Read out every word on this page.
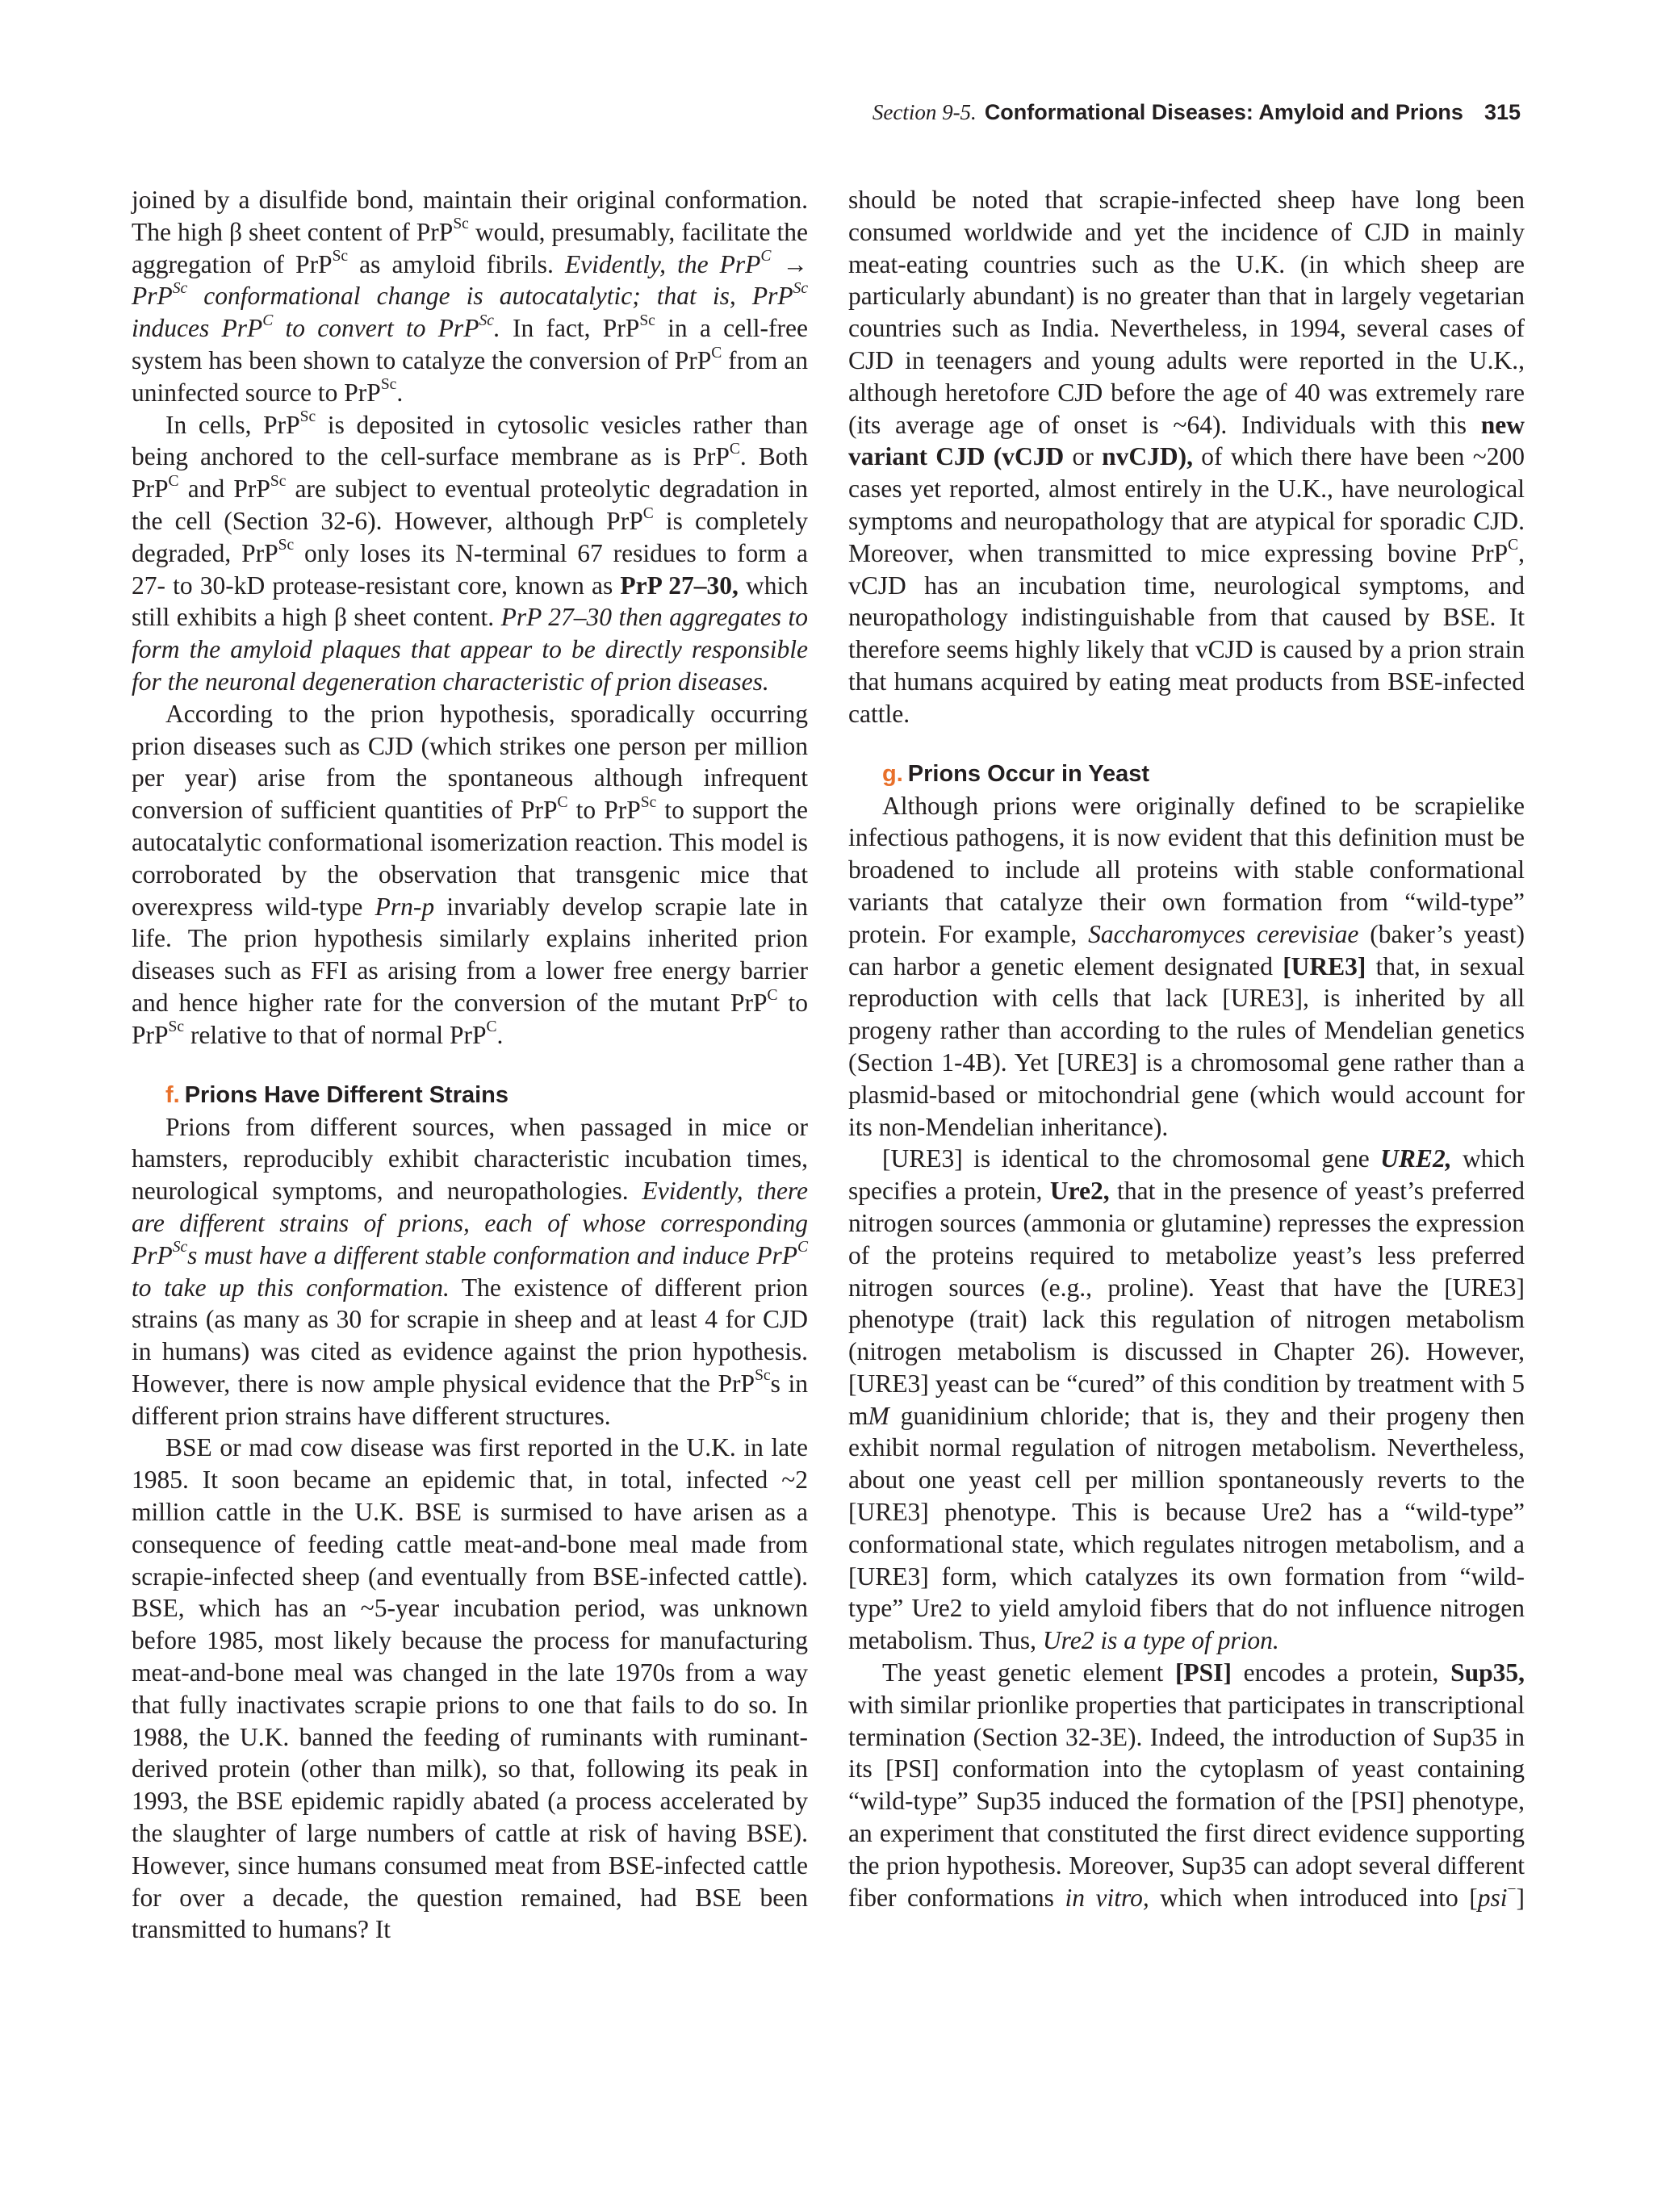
Section 9-5. Conformational Diseases: Amyloid and Prions 315

joined by a disulfide bond, maintain their original conformation. The high β sheet content of PrP$^{Sc}$ would, presumably, facilitate the aggregation of PrP$^{Sc}$ as amyloid fibrils. Evidently, the PrP$^C$ → PrP$^{Sc}$ conformational change is autocatalytic; that is, PrP$^{Sc}$ induces PrP$^C$ to convert to PrP$^{Sc}$. In fact, PrP$^{Sc}$ in a cell-free system has been shown to catalyze the conversion of PrP$^C$ from an uninfected source to PrP$^{Sc}$.

In cells, PrP$^{Sc}$ is deposited in cytosolic vesicles rather than being anchored to the cell-surface membrane as is PrP$^C$. Both PrP$^C$ and PrP$^{Sc}$ are subject to eventual proteolytic degradation in the cell (Section 32-6). However, although PrP$^C$ is completely degraded, PrP$^{Sc}$ only loses its N-terminal 67 residues to form a 27- to 30-kD protease-resistant core, known as PrP 27–30, which still exhibits a high β sheet content. PrP 27–30 then aggregates to form the amyloid plaques that appear to be directly responsible for the neuronal degeneration characteristic of prion diseases.

According to the prion hypothesis, sporadically occurring prion diseases such as CJD (which strikes one person per million per year) arise from the spontaneous although infrequent conversion of sufficient quantities of PrP$^C$ to PrP$^{Sc}$ to support the autocatalytic conformational isomerization reaction. This model is corroborated by the observation that transgenic mice that overexpress wild-type Prn-p invariably develop scrapie late in life. The prion hypothesis similarly explains inherited prion diseases such as FFI as arising from a lower free energy barrier and hence higher rate for the conversion of the mutant PrP$^C$ to PrP$^{Sc}$ relative to that of normal PrP$^C$.

f. Prions Have Different Strains

Prions from different sources, when passaged in mice or hamsters, reproducibly exhibit characteristic incubation times, neurological symptoms, and neuropathologies. Evidently, there are different strains of prions, each of whose corresponding PrP$^{Sc}$s must have a different stable conformation and induce PrP$^C$ to take up this conformation. The existence of different prion strains (as many as 30 for scrapie in sheep and at least 4 for CJD in humans) was cited as evidence against the prion hypothesis. However, there is now ample physical evidence that the PrP$^{Sc}$s in different prion strains have different structures.

BSE or mad cow disease was first reported in the U.K. in late 1985. It soon became an epidemic that, in total, infected ~2 million cattle in the U.K. BSE is surmised to have arisen as a consequence of feeding cattle meat-and-bone meal made from scrapie-infected sheep (and eventually from BSE-infected cattle). BSE, which has an ~5-year incubation period, was unknown before 1985, most likely because the process for manufacturing meat-and-bone meal was changed in the late 1970s from a way that fully inactivates scrapie prions to one that fails to do so. In 1988, the U.K. banned the feeding of ruminants with ruminant-derived protein (other than milk), so that, following its peak in 1993, the BSE epidemic rapidly abated (a process accelerated by the slaughter of large numbers of cattle at risk of having BSE). However, since humans consumed meat from BSE-infected cattle for over a decade, the question remained, had BSE been transmitted to humans? It

should be noted that scrapie-infected sheep have long been consumed worldwide and yet the incidence of CJD in mainly meat-eating countries such as the U.K. (in which sheep are particularly abundant) is no greater than that in largely vegetarian countries such as India. Nevertheless, in 1994, several cases of CJD in teenagers and young adults were reported in the U.K., although heretofore CJD before the age of 40 was extremely rare (its average age of onset is ~64). Individuals with this new variant CJD (vCJD or nvCJD), of which there have been ~200 cases yet reported, almost entirely in the U.K., have neurological symptoms and neuropathology that are atypical for sporadic CJD. Moreover, when transmitted to mice expressing bovine PrP$^C$, vCJD has an incubation time, neurological symptoms, and neuropathology indistinguishable from that caused by BSE. It therefore seems highly likely that vCJD is caused by a prion strain that humans acquired by eating meat products from BSE-infected cattle.

g. Prions Occur in Yeast

Although prions were originally defined to be scrapielike infectious pathogens, it is now evident that this definition must be broadened to include all proteins with stable conformational variants that catalyze their own formation from “wild-type” protein. For example, Saccharomyces cerevisiae (baker’s yeast) can harbor a genetic element designated [URE3] that, in sexual reproduction with cells that lack [URE3], is inherited by all progeny rather than according to the rules of Mendelian genetics (Section 1-4B). Yet [URE3] is a chromosomal gene rather than a plasmid-based or mitochondrial gene (which would account for its non-Mendelian inheritance).

[URE3] is identical to the chromosomal gene URE2, which specifies a protein, Ure2, that in the presence of yeast’s preferred nitrogen sources (ammonia or glutamine) represses the expression of the proteins required to metabolize yeast’s less preferred nitrogen sources (e.g., proline). Yeast that have the [URE3] phenotype (trait) lack this regulation of nitrogen metabolism (nitrogen metabolism is discussed in Chapter 26). However, [URE3] yeast can be “cured” of this condition by treatment with 5 mM guanidinium chloride; that is, they and their progeny then exhibit normal regulation of nitrogen metabolism. Nevertheless, about one yeast cell per million spontaneously reverts to the [URE3] phenotype. This is because Ure2 has a “wild-type” conformational state, which regulates nitrogen metabolism, and a [URE3] form, which catalyzes its own formation from “wild-type” Ure2 to yield amyloid fibers that do not influence nitrogen metabolism. Thus, Ure2 is a type of prion.

The yeast genetic element [PSI] encodes a protein, Sup35, with similar prionlike properties that participates in transcriptional termination (Section 32-3E). Indeed, the introduction of Sup35 in its [PSI] conformation into the cytoplasm of yeast containing “wild-type” Sup35 induced the formation of the [PSI] phenotype, an experiment that constituted the first direct evidence supporting the prion hypothesis. Moreover, Sup35 can adopt several different fiber conformations in vitro, which when introduced into [psi−]
